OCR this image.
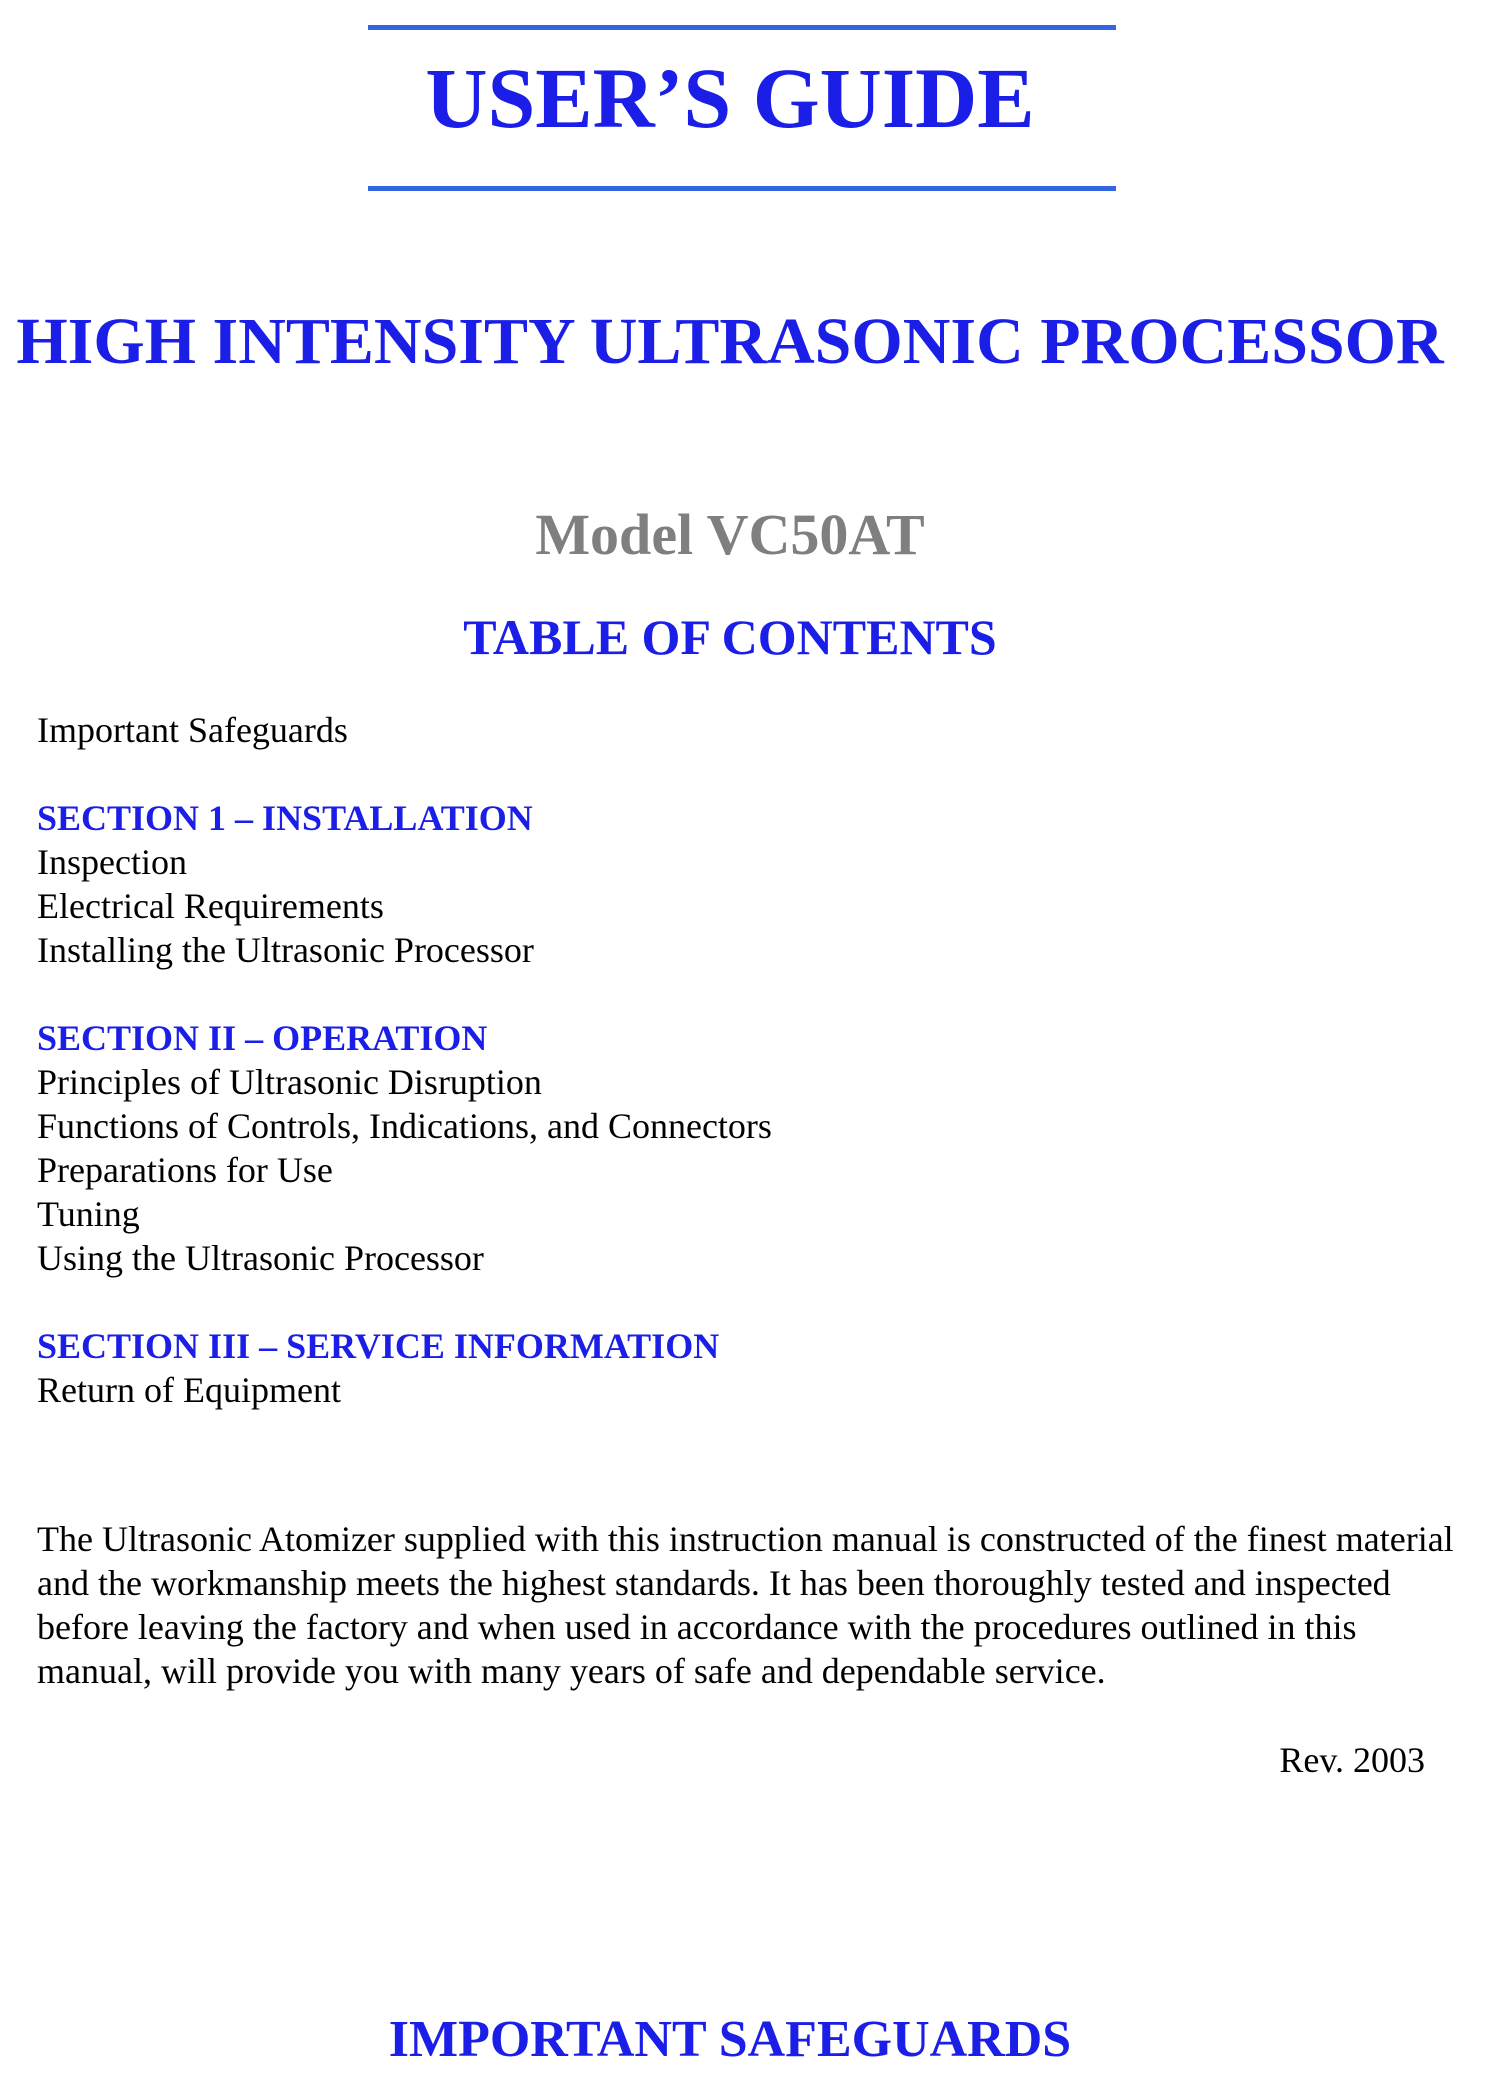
USER’S GUIDE
HIGH INTENSITY ULTRASONIC PROCESSOR
Model VC50AT
TABLE OF CONTENTS
Important Safeguards
SECTION 1 – INSTALLATION
Inspection
Electrical Requirements
Installing the Ultrasonic Processor
SECTION II – OPERATION
Principles of Ultrasonic Disruption
Functions of Controls, Indications, and Connectors
Preparations for Use
Tuning
Using the Ultrasonic Processor
SECTION III – SERVICE INFORMATION
Return of Equipment

The Ultrasonic Atomizer supplied with this instruction manual is constructed of the finest material and the workmanship meets the highest standards. It has been thoroughly tested and inspected before leaving the factory and when used in accordance with the procedures outlined in this manual, will provide you with many years of safe and dependable service.

Rev. 2003

IMPORTANT SAFEGUARDS
